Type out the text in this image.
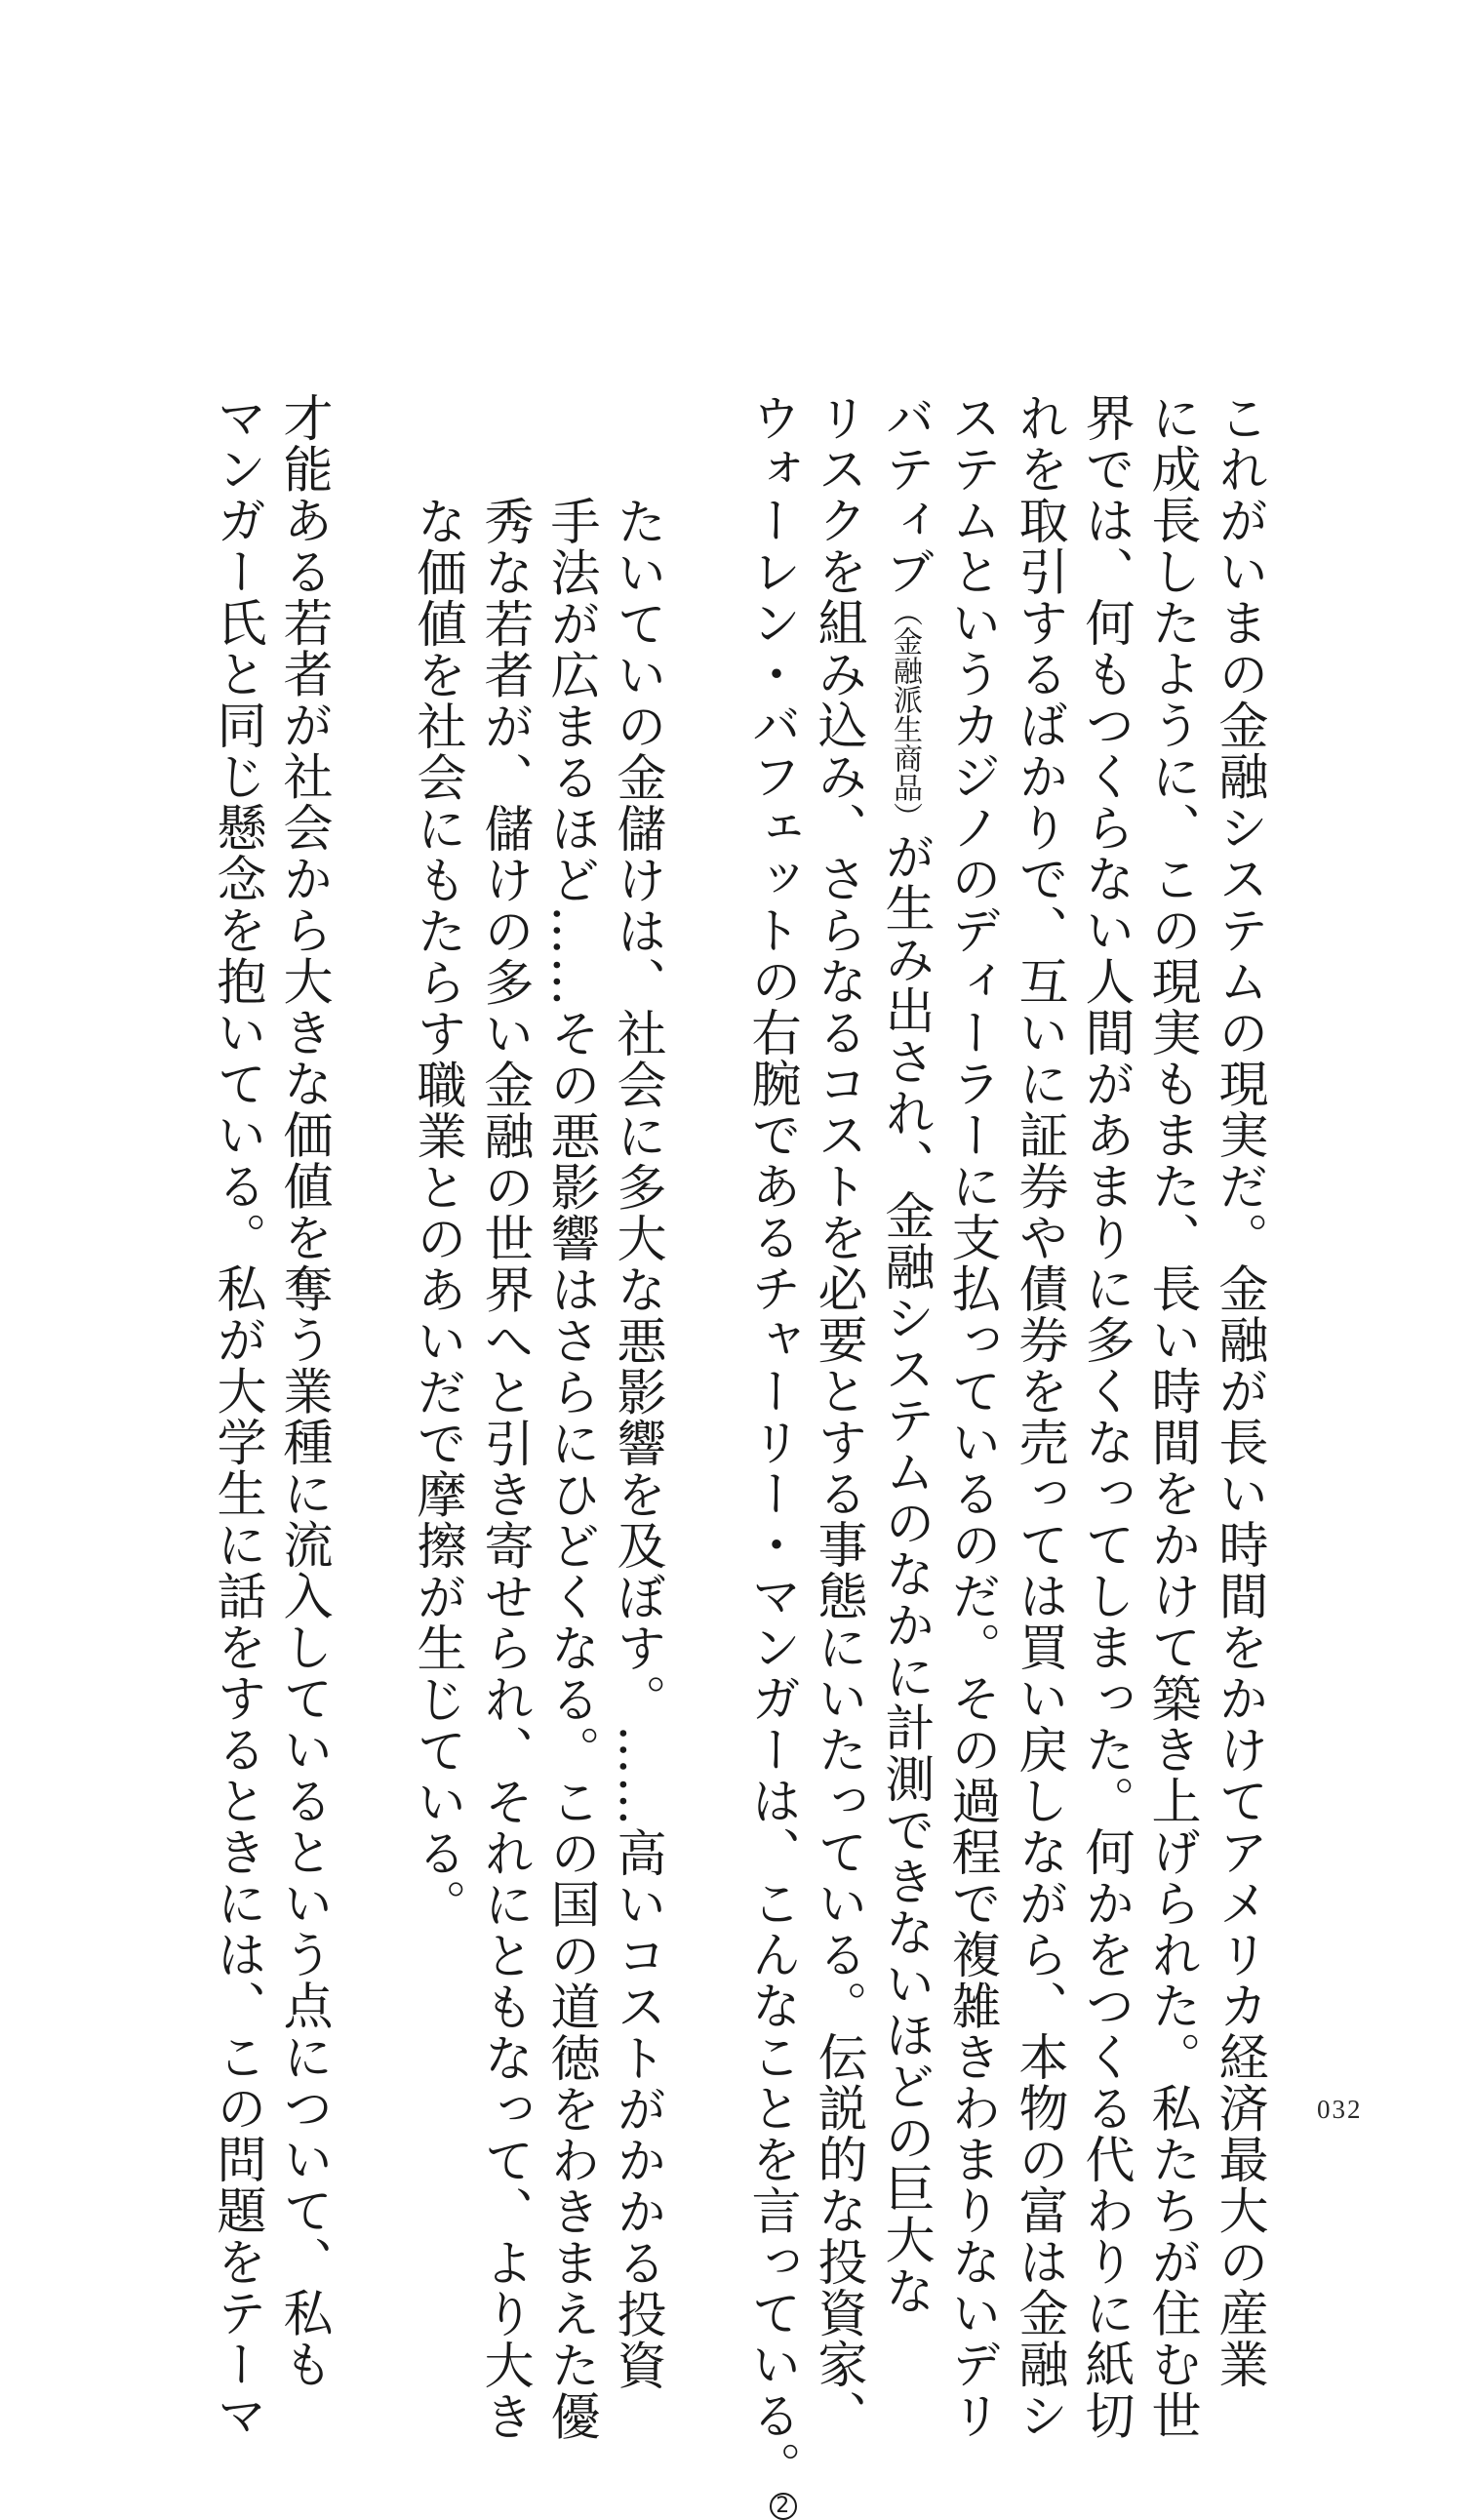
これがいまの金融システムの現実だ。金融が長い時間をかけてアメリカ経済最大の産業
に成長したように、この現実もまた、長い時間をかけて築き上げられた。私たちが住む世
界では、何もつくらない人間があまりに多くなってしまった。何かをつくる代わりに紙切
れを取引するばかりで、互いに証券や債券を売っては買い戻しながら、本物の富は金融シ
ステムというカジノのディーラーに支払っているのだ。その過程で複雑きわまりないデリ
バティブ（金融派生商品）が生み出され、金融システムのなかに計測できないほどの巨大な
リスクを組み込み、さらなるコストを必要とする事態にいたっている。伝説的な投資家、
ウォーレン・バフェットの右腕であるチャーリー・マンガーは、こんなことを言っている。2
たいていの金儲けは、社会に多大な悪影響を及ぼす。……高いコストがかかる投資
手法が広まるほど……その悪影響はさらにひどくなる。この国の道徳をわきまえた優
秀な若者が、儲けの多い金融の世界へと引き寄せられ、それにともなって、より大き
な価値を社会にもたらす職業とのあいだで摩擦が生じている。
才能ある若者が社会から大きな価値を奪う業種に流入しているという点について、私も
マンガー氏と同じ懸念を抱いている。私が大学生に話をするときには、この問題をテーマ	032
